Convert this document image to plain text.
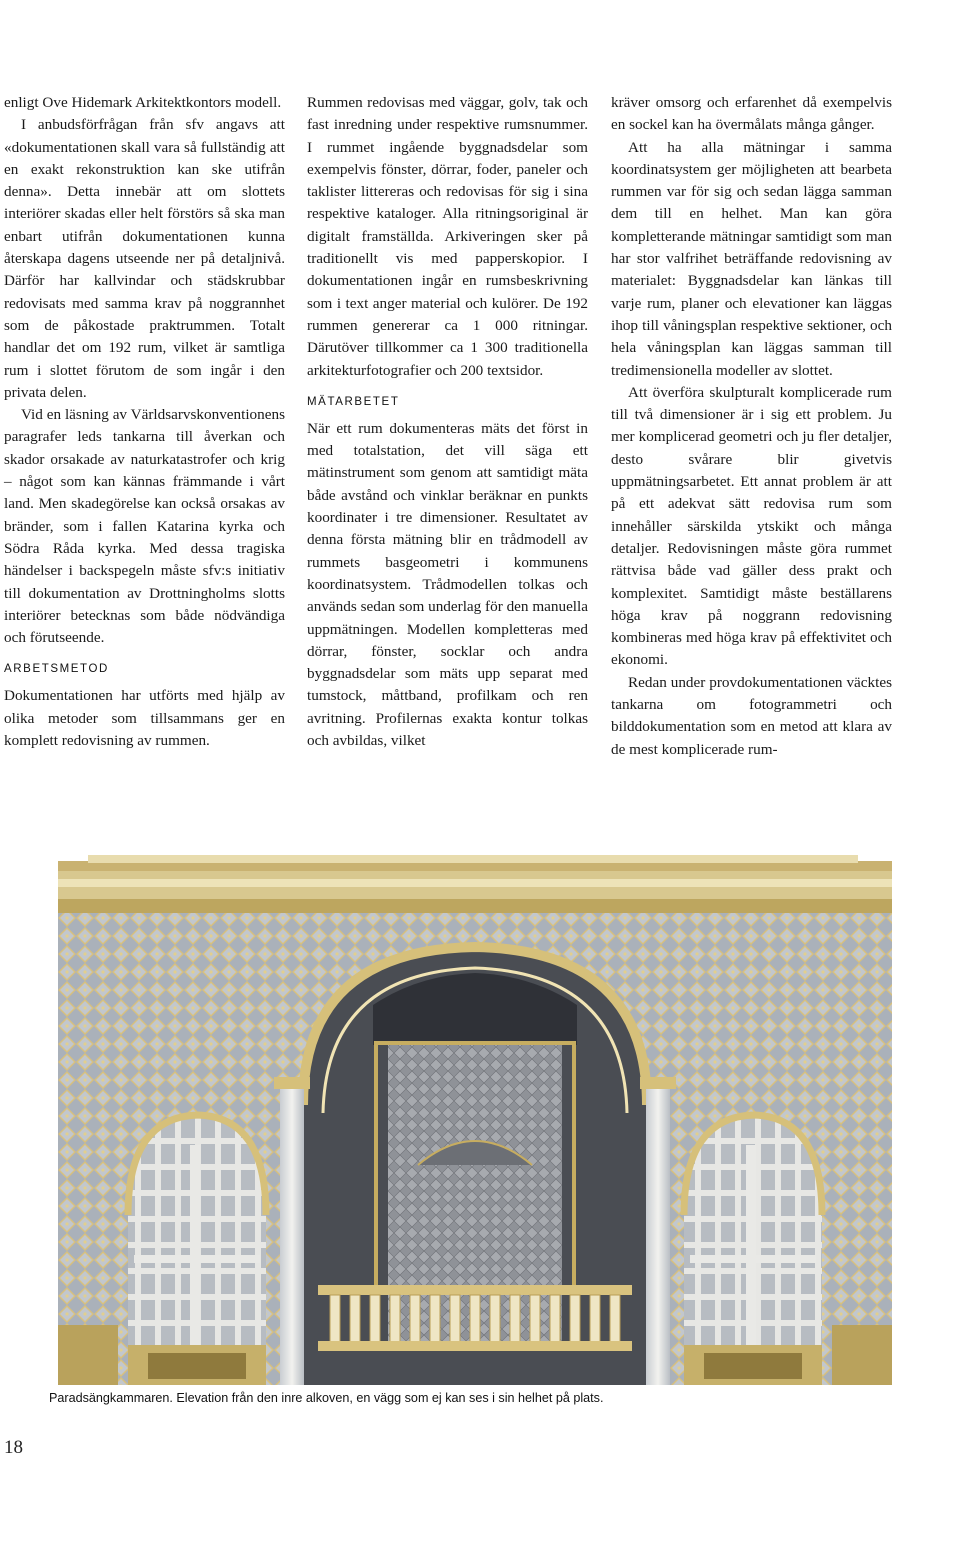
enligt Ove Hidemark Arkitektkontors modell.

I anbudsförfrågan från sfv angavs att «dokumentationen skall vara så fullständig att en exakt rekonstruktion kan ske utifrån denna». Detta innebär att om slottets interiörer skadas eller helt förstörs så ska man enbart utifrån dokumentationen kunna återskapa dagens utseende ner på detaljnivå. Därför har kallvindar och städskrubbar redovisats med samma krav på noggrannhet som de påkostade praktrummen. Totalt handlar det om 192 rum, vilket är samtliga rum i slottet förutom de som ingår i den privata delen.

Vid en läsning av Världsarvskonventionens paragrafer leds tankarna till åverkan och skador orsakade av naturkatastrofer och krig – något som kan kännas främmande i vårt land. Men skadegörelse kan också orsakas av bränder, som i fallen Katarina kyrka och Södra Råda kyrka. Med dessa tragiska händelser i backspegeln måste sfv:s initiativ till dokumentation av Drottningholms slotts interiörer betecknas som både nödvändiga och förutseende.

ARBETSMETOD

Dokumentationen har utförts med hjälp av olika metoder som tillsammans ger en komplett redovisning av rummen.

Rummen redovisas med väggar, golv, tak och fast inredning under respektive rumsnummer. I rummet ingående byggnadsdelar som exempelvis fönster, dörrar, foder, paneler och taklister littereras och redovisas för sig i sina respektive kataloger. Alla ritningsoriginal är digitalt framställda. Arkiveringen sker på traditionellt vis med papperskopior. I dokumentationen ingår en rumsbeskrivning som i text anger material och kulörer. De 192 rummen genererar ca 1 000 ritningar. Därutöver tillkommer ca 1 300 traditionella arkitekturfotografier och 200 textsidor.

MÄTARBETET

När ett rum dokumenteras mäts det först in med totalstation, det vill säga ett mätinstrument som genom att samtidigt mäta både avstånd och vinklar beräknar en punkts koordinater i tre dimensioner. Resultatet av denna första mätning blir en trådmodell av rummets basgeometri i kommunens koordinatsystem. Trådmodellen tolkas och används sedan som underlag för den manuella uppmätningen. Modellen kompletteras med dörrar, fönster, socklar och andra byggnadsdelar som mäts upp separat med tumstock, måttband, profilkam och ren avritning. Profilernas exakta kontur tolkas och avbildas, vilket

kräver omsorg och erfarenhet då exempelvis en sockel kan ha övermålats många gånger.

Att ha alla mätningar i samma koordinatsystem ger möjligheten att bearbeta rummen var för sig och sedan lägga samman dem till en helhet. Man kan göra kompletterande mätningar samtidigt som man har stor valfrihet beträffande redovisning av materialet: Byggnadsdelar kan länkas till varje rum, planer och elevationer kan läggas ihop till våningsplan respektive sektioner, och hela våningsplan kan läggas samman till tredimensionella modeller av slottet.

Att överföra skulpturalt komplicerade rum till två dimensioner är i sig ett problem. Ju mer komplicerad geometri och ju fler detaljer, desto svårare blir givetvis uppmätningsarbetet. Ett annat problem är att på ett adekvat sätt redovisa rum som innehåller särskilda ytskikt och många detaljer. Redovisningen måste göra rummet rättvisa både vad gäller dess prakt och komplexitet. Samtidigt måste beställarens höga krav på noggrann redovisning kombineras med höga krav på effektivitet och ekonomi.

Redan under provdokumentationen väcktes tankarna om fotogrammetri och bilddokumentation som en metod att klara av de mest komplicerade rum-

Paradsängkammaren. Elevation från den inre alkoven, en vägg som ej kan ses i sin helhet på plats.
18
